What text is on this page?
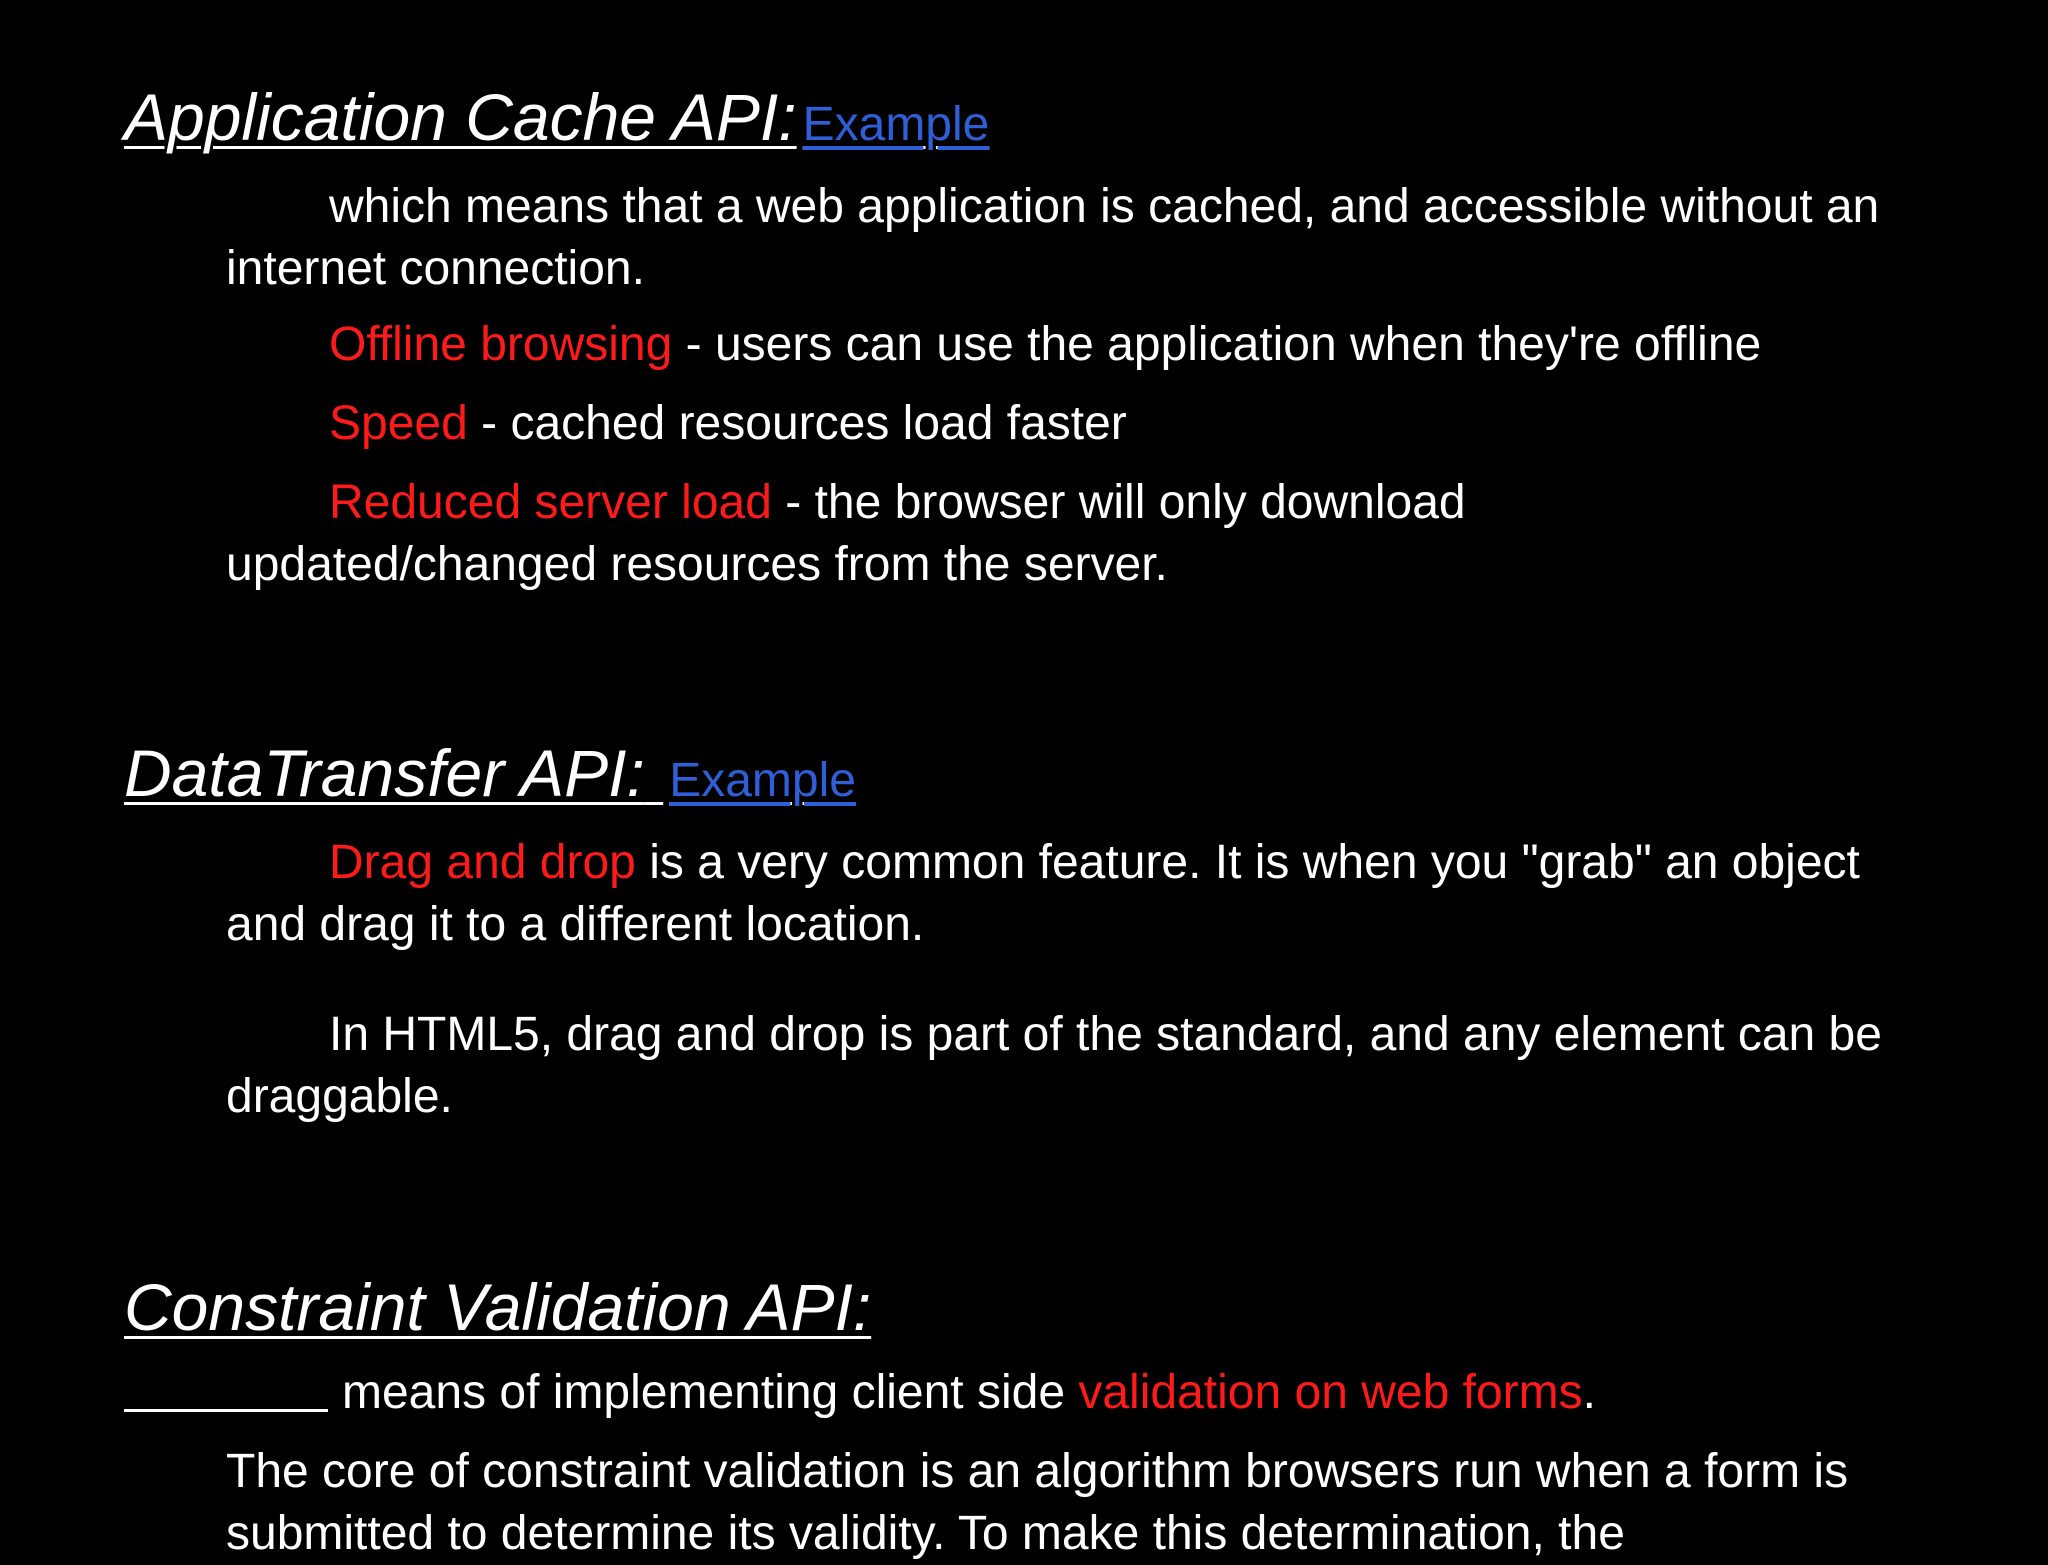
Application Cache API: Example
which means that a web application is cached, and accessible without an internet connection.
Offline browsing - users can use the application when they're offline
Speed - cached resources load faster
Reduced server load - the browser will only download updated/changed resources from the server.
DataTransfer API: Example
Drag and drop is a very common feature. It is when you "grab" an object and drag it to a different location.
In HTML5, drag and drop is part of the standard, and any element can be draggable.
Constraint Validation API:
means of implementing client side validation on web forms.
The core of constraint validation is an algorithm browsers run when a form is submitted to determine its validity. To make this determination, the
